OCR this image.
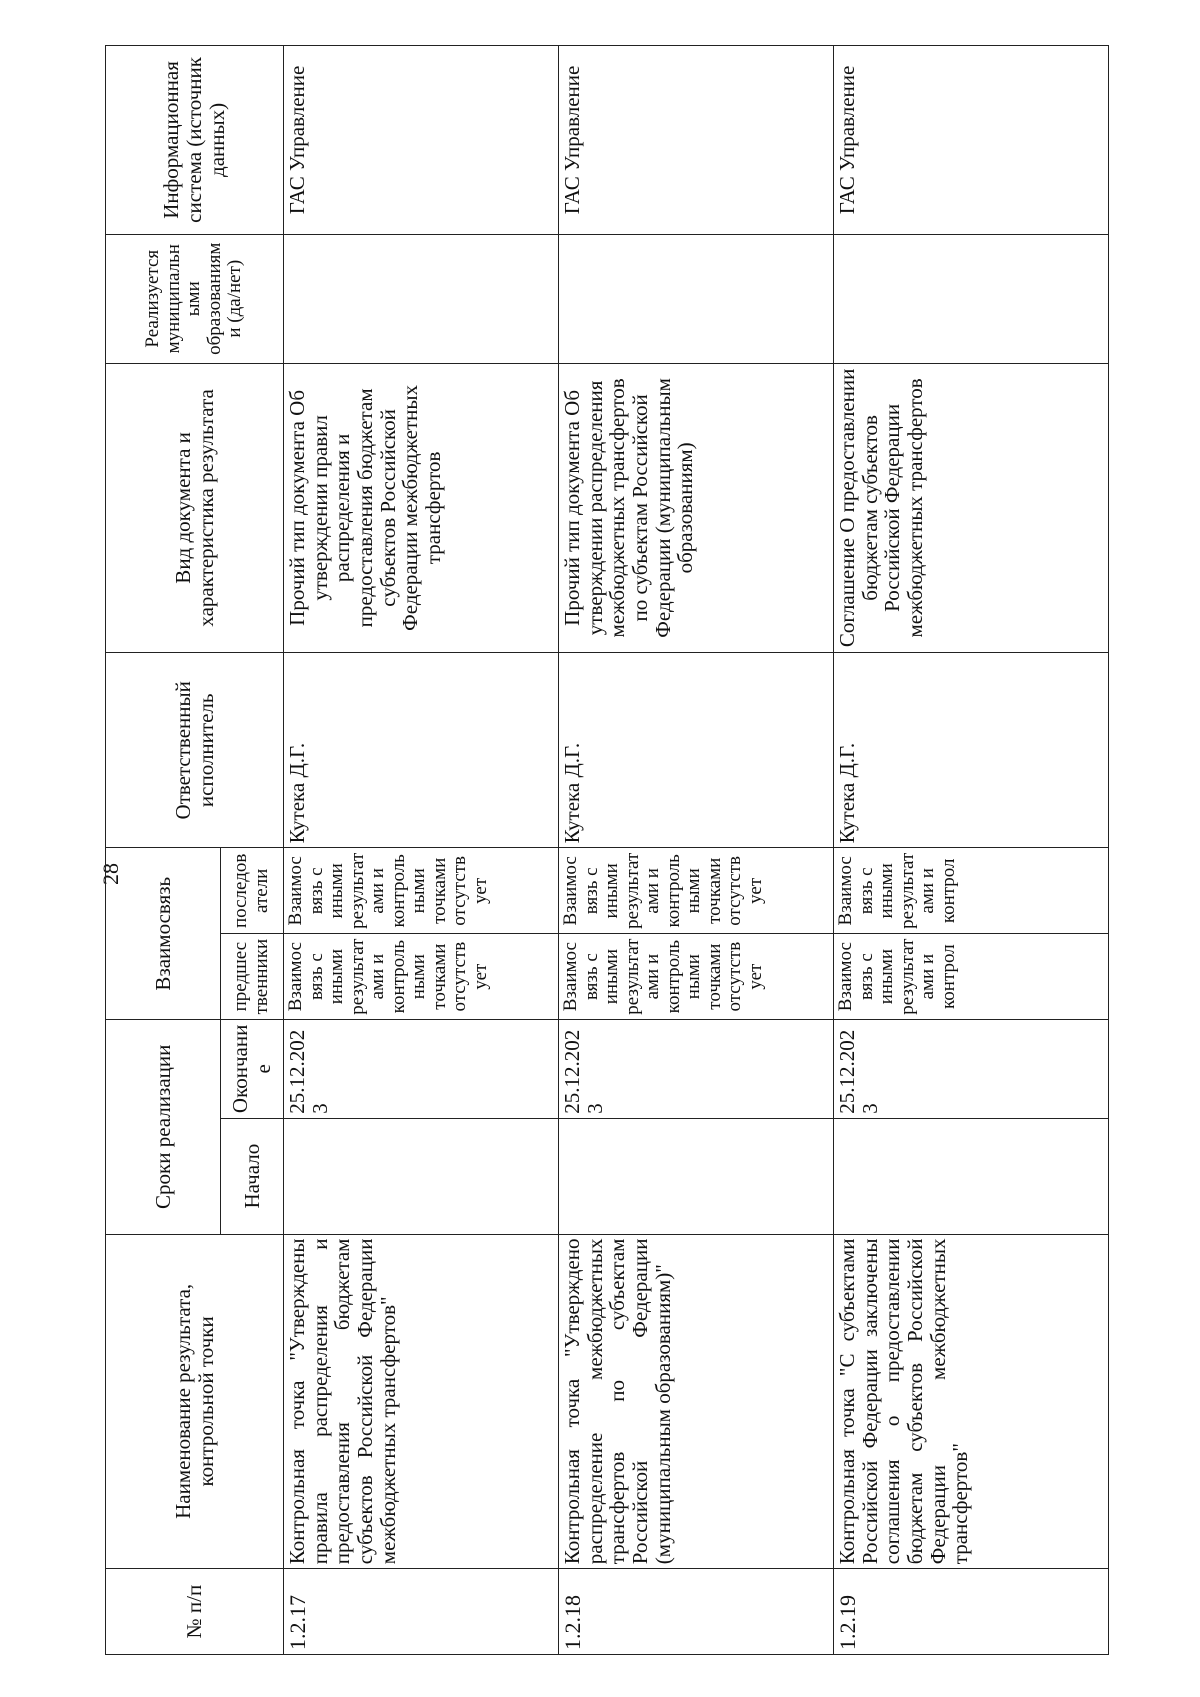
28
№ п/п	Наименование результата, контрольной точки	Сроки реализации		Взаимосвязь		Ответственный исполнитель	Вид документа и характеристика результата	Реализуется муниципальными образованиями (да/нет)	Информационная система (источник данных)
		Начало	Окончание	предшественники	последователи				
1.2.17	Контрольная точка "Утверждены правила распределения и предоставления бюджетам субъектов Российской Федерации межбюджетных трансфертов"		25.12.2023	Взаимосвязь с иными результатами и контрольными точками отсутствует	Взаимосвязь с иными результатами и контрольными точками отсутствует	Кутека Д.Г.	Прочий тип документа Об утверждении правил распределения и предоставления бюджетам субъектов Российской Федерации межбюджетных трансфертов		ГАС Управление
1.2.18	Контрольная точка "Утверждено распределение межбюджетных трансфертов по субъектам Российской Федерации (муниципальным образованиям)"		25.12.2023	Взаимосвязь с иными результатами и контрольными точками отсутствует	Взаимосвязь с иными результатами и контрольными точками отсутствует	Кутека Д.Г.	Прочий тип документа Об утверждении распределения межбюджетных трансфертов по субъектам Российской Федерации (муниципальным образованиям)		ГАС Управление
1.2.19	Контрольная точка "С субъектами Российской Федерации заключены соглашения о предоставлении бюджетам субъектов Российской Федерации межбюджетных трансфертов"		25.12.2023	Взаимосвязь с иными результатами и контрол	Взаимосвязь с иными результатами и контрол	Кутека Д.Г.	Соглашение О предоставлении бюджетам субъектов Российской Федерации межбюджетных трансфертов		ГАС Управление
